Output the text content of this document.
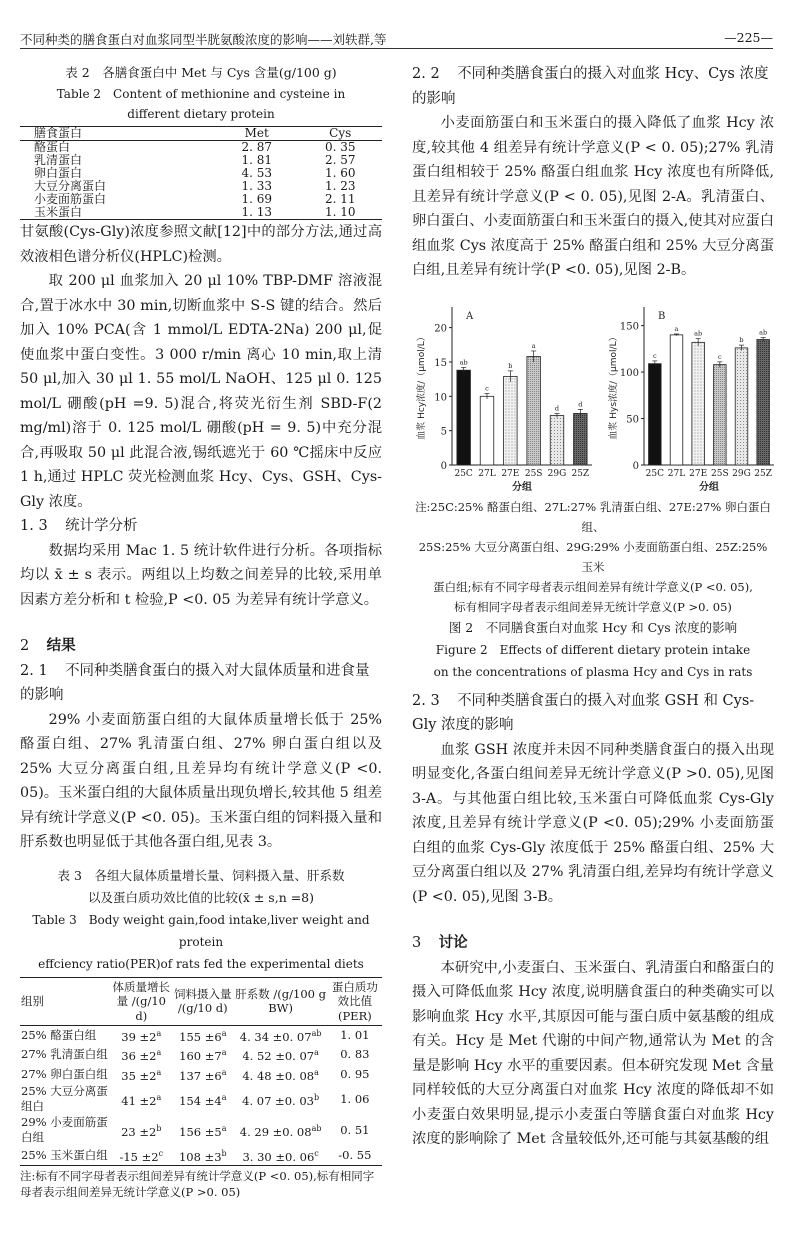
不同种类的膳食蛋白对血浆同型半胱氨酸浓度的影响——刘轶群,等	—225—

表 2　各膳食蛋白中 Met 与 Cys 含量(g/100 g)

Table 2　Content of methionine and cysteine in

different dietary protein

膳食蛋白	Met	Cys
酪蛋白	2. 87	0. 35
乳清蛋白	1. 81	2. 57
卵白蛋白	4. 53	1. 60
大豆分离蛋白	1. 33	1. 23
小麦面筋蛋白	1. 69	2. 11
玉米蛋白	1. 13	1. 10

甘氨酸(Cys-Gly)浓度参照文献[12]中的部分方法,通过高效液相色谱分析仪(HPLC)检测。

取 200 μl 血浆加入 20 μl 10% TBP-DMF 溶液混合,置于冰水中 30 min,切断血浆中 S-S 键的结合。然后加入 10% PCA(含 1 mmol/L EDTA-2Na) 200 μl,促使血浆中蛋白变性。3 000 r/min 离心 10 min,取上清 50 μl,加入 30 μl 1. 55 mol/L NaOH、125 μl 0. 125 mol/L 硼酸(pH =9. 5)混合,将荧光衍生剂 SBD-F(2 mg/ml)溶于 0. 125 mol/L 硼酸(pH = 9. 5)中充分混合,再吸取 50 μl 此混合液,锡纸遮光于 60 ℃摇床中反应 1 h,通过 HPLC 荧光检测血浆 Hcy、Cys、GSH、Cys-Gly 浓度。

1. 3 统计学分析

数据均采用 Mac 1. 5 统计软件进行分析。各项指标均以 x̄ ± s 表示。两组以上均数之间差异的比较,采用单因素方差分析和 t 检验,P <0. 05 为差异有统计学意义。

2 结果

2. 1 不同种类膳食蛋白的摄入对大鼠体质量和进食量的影响

29% 小麦面筋蛋白组的大鼠体质量增长低于 25% 酪蛋白组、27% 乳清蛋白组、27% 卵白蛋白组以及 25% 大豆分离蛋白组,且差异均有统计学意义(P <0. 05)。玉米蛋白组的大鼠体质量出现负增长,较其他 5 组差异有统计学意义(P <0. 05)。玉米蛋白组的饲料摄入量和肝系数也明显低于其他各蛋白组,见表 3。

表 3　各组大鼠体质量增长量、饲料摄入量、肝系数

以及蛋白质功效比值的比较(x̄ ± s,n =8)

Table 3　Body weight gain,food intake,liver weight and protein

effciency ratio(PER)of rats fed the experimental diets

组别	体质量增长量 /(g/10 d)	饲料摄入量 /(g/10 d)	肝系数 /(g/100 g BW)	蛋白质功效比值 (PER)
25% 酪蛋白组	$39 \pm 2^a$	$155 \pm 6^a$	4. 34 ±0. $07^{ab}$	1. 01
27% 乳清蛋白组	$36 \pm 2^a$	$160 \pm 7^a$	4. 52 ±0. 07$^a$	0. 83
27% 卵白蛋白组	$35 \pm 2^a$	$137 \pm 6^a$	4. 48 ±0. 08$^a$	0. 95
25% 大豆分离蛋组白	$41 \pm 2^a$	$154 \pm 4^a$	4. 07 ±0. 03$^b$	1. 06
29% 小麦面筋蛋白组	$23 \pm 2^b$	$156 \pm 5^a$	4. 29 ±0. $08^{ab}$	0. 51
25% 玉米蛋白组	$-15 \pm 2^c$	$108 \pm 3^b$	3. 30 ±0. 06$^c$	-0. 55

注:标有不同字母者表示组间差异有统计学意义(P <0. 05),标有相同字母者表示组间差异无统计学意义(P >0. 05)

2. 2 不同种类膳食蛋白的摄入对血浆 Hcy、Cys 浓度的影响

小麦面筋蛋白和玉米蛋白的摄入降低了血浆 Hcy 浓度,较其他 4 组差异有统计学意义(P < 0. 05);27% 乳清蛋白组相较于 25% 酪蛋白组血浆 Hcy 浓度也有所降低,且差异有统计学意义(P < 0. 05),见图 2-A。乳清蛋白、卵白蛋白、小麦面筋蛋白和玉米蛋白的摄入,使其对应蛋白组血浆 Cys 浓度高于 25% 酪蛋白组和 25% 大豆分离蛋白组,且差异有统计学(P <0. 05),见图 2-B。

0
5
10
15
20
A
ab
25C
c
27L
b
27E
a
25S
d
29G
d
25Z
分组
血浆 Hcy浓度/（μmol/L）
0
50
100
150
B
c
25C
a
27L
ab
27E
c
25S
b
29G
ab
25Z
分组
血浆 Hys浓度/（μmol/L）

注:25C:25% 酪蛋白组、27L:27% 乳清蛋白组、27E:27% 卵白蛋白组、

25S:25% 大豆分离蛋白组、29G:29% 小麦面筋蛋白组、25Z:25% 玉米

蛋白组;标有不同字母者表示组间差异有统计学意义(P <0. 05),

标有相同字母者表示组间差异无统计学意义(P >0. 05)

图 2　不同膳食蛋白对血浆 Hcy 和 Cys 浓度的影响

Figure 2　Effects of different dietary protein intake

on the concentrations of plasma Hcy and Cys in rats

2. 3 不同种类膳食蛋白的摄入对血浆 GSH 和 Cys-Gly 浓度的影响

血浆 GSH 浓度并未因不同种类膳食蛋白的摄入出现明显变化,各蛋白组间差异无统计学意义(P >0. 05),见图 3-A。与其他蛋白组比较,玉米蛋白可降低血浆 Cys-Gly 浓度,且差异有统计学意义(P <0. 05);29% 小麦面筋蛋白组的血浆 Cys-Gly 浓度低于 25% 酪蛋白组、25% 大豆分离蛋白组以及 27% 乳清蛋白组,差异均有统计学意义(P <0. 05),见图 3-B。

3 讨论

本研究中,小麦蛋白、玉米蛋白、乳清蛋白和酪蛋白的摄入可降低血浆 Hcy 浓度,说明膳食蛋白的种类确实可以影响血浆 Hcy 水平,其原因可能与蛋白质中氨基酸的组成有关。Hcy 是 Met 代谢的中间产物,通常认为 Met 的含量是影响 Hcy 水平的重要因素。但本研究发现 Met 含量同样较低的大豆分离蛋白对血浆 Hcy 浓度的降低却不如小麦蛋白效果明显,提示小麦蛋白等膳食蛋白对血浆 Hcy 浓度的影响除了 Met 含量较低外,还可能与其氨基酸的组
